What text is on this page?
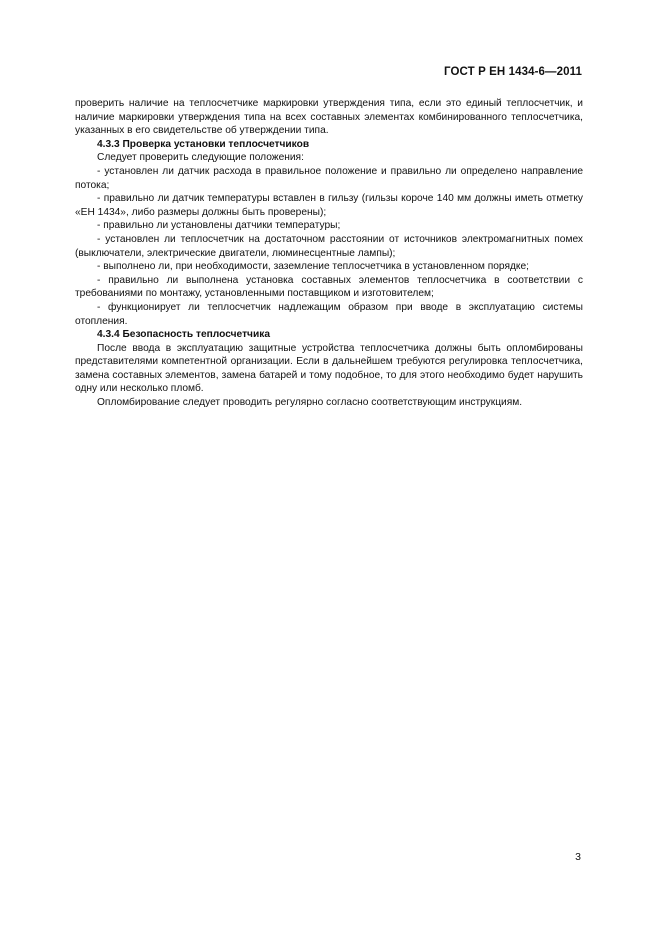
ГОСТ Р ЕН 1434-6—2011

проверить наличие на теплосчетчике маркировки утверждения типа, если это единый теплосчетчик, и наличие маркировки утверждения типа на всех составных элементах комбинированного теплосчетчика, указанных в его свидетельстве об утверждении типа.

4.3.3 Проверка установки теплосчетчиков

Следует проверить следующие положения:

- установлен ли датчик расхода в правильное положение и правильно ли определено направление потока;

- правильно ли датчик температуры вставлен в гильзу (гильзы короче 140 мм должны иметь отметку «ЕН 1434», либо размеры должны быть проверены);

- правильно ли установлены датчики температуры;

- установлен ли теплосчетчик на достаточном расстоянии от источников электромагнитных помех (выключатели, электрические двигатели, люминесцентные лампы);

- выполнено ли, при необходимости, заземление теплосчетчика в установленном порядке;

- правильно ли выполнена установка составных элементов теплосчетчика в соответствии с требованиями по монтажу, установленными поставщиком и изготовителем;

- функционирует ли теплосчетчик надлежащим образом при вводе в эксплуатацию системы отопления.

4.3.4 Безопасность теплосчетчика

После ввода в эксплуатацию защитные устройства теплосчетчика должны быть опломбированы представителями компетентной организации. Если в дальнейшем требуются регулировка теплосчетчика, замена составных элементов, замена батарей и тому подобное, то для этого необходимо будет нарушить одну или несколько пломб.

Опломбирование следует проводить регулярно согласно соответствующим инструкциям.

3
